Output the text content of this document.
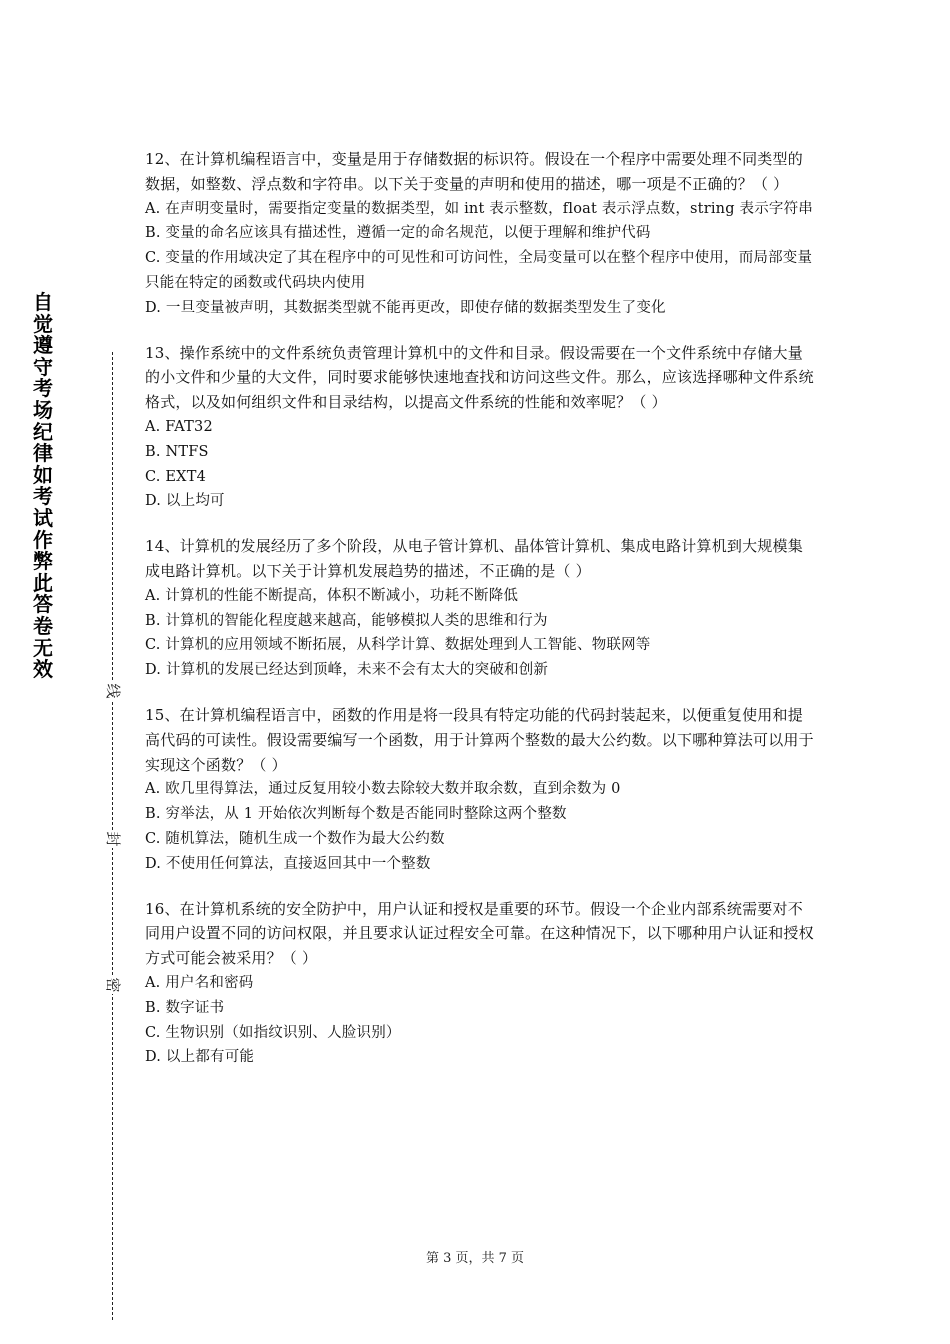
自觉遵守考场纪律如考试作弊此答卷无效
线
封
密

12、在计算机编程语言中，变量是用于存储数据的标识符。假设在一个程序中需要处理不同类型的数据，如整数、浮点数和字符串。以下关于变量的声明和使用的描述，哪一项是不正确的？（ ）

A. 在声明变量时，需要指定变量的数据类型，如 int 表示整数，float 表示浮点数，string 表示字符串

B. 变量的命名应该具有描述性，遵循一定的命名规范，以便于理解和维护代码

C. 变量的作用域决定了其在程序中的可见性和可访问性，全局变量可以在整个程序中使用，而局部变量只能在特定的函数或代码块内使用

D. 一旦变量被声明，其数据类型就不能再更改，即使存储的数据类型发生了变化

13、操作系统中的文件系统负责管理计算机中的文件和目录。假设需要在一个文件系统中存储大量的小文件和少量的大文件，同时要求能够快速地查找和访问这些文件。那么，应该选择哪种文件系统格式，以及如何组织文件和目录结构，以提高文件系统的性能和效率呢？（ ）

A. FAT32

B. NTFS

C. EXT4

D. 以上均可

14、计算机的发展经历了多个阶段，从电子管计算机、晶体管计算机、集成电路计算机到大规模集成电路计算机。以下关于计算机发展趋势的描述，不正确的是（ ）

A. 计算机的性能不断提高，体积不断减小，功耗不断降低

B. 计算机的智能化程度越来越高，能够模拟人类的思维和行为

C. 计算机的应用领域不断拓展，从科学计算、数据处理到人工智能、物联网等

D. 计算机的发展已经达到顶峰，未来不会有太大的突破和创新

15、在计算机编程语言中，函数的作用是将一段具有特定功能的代码封装起来，以便重复使用和提高代码的可读性。假设需要编写一个函数，用于计算两个整数的最大公约数。以下哪种算法可以用于实现这个函数？（ ）

A. 欧几里得算法，通过反复用较小数去除较大数并取余数，直到余数为 0

B. 穷举法，从 1 开始依次判断每个数是否能同时整除这两个整数

C. 随机算法，随机生成一个数作为最大公约数

D. 不使用任何算法，直接返回其中一个整数

16、在计算机系统的安全防护中，用户认证和授权是重要的环节。假设一个企业内部系统需要对不同用户设置不同的访问权限，并且要求认证过程安全可靠。在这种情况下，以下哪种用户认证和授权方式可能会被采用？（ ）

A. 用户名和密码

B. 数字证书

C. 生物识别（如指纹识别、人脸识别）

D. 以上都有可能

第 3 页，共 7 页
